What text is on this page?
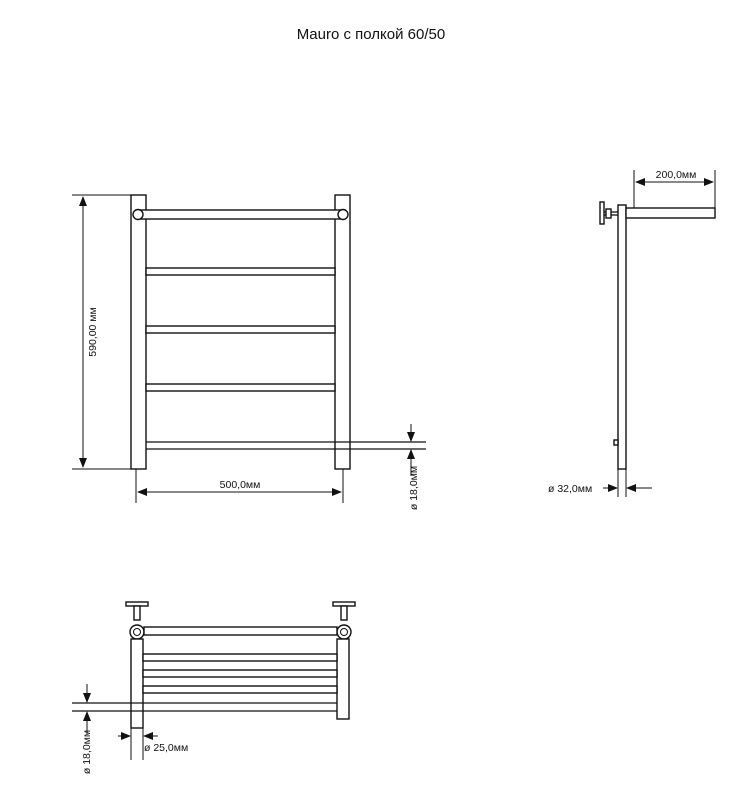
Mauro с полкой 60/50
590,00 мм
500,0мм	ø 18,0мм
200,0мм
ø 32,0мм
ø 18,0мм	ø 25,0мм
